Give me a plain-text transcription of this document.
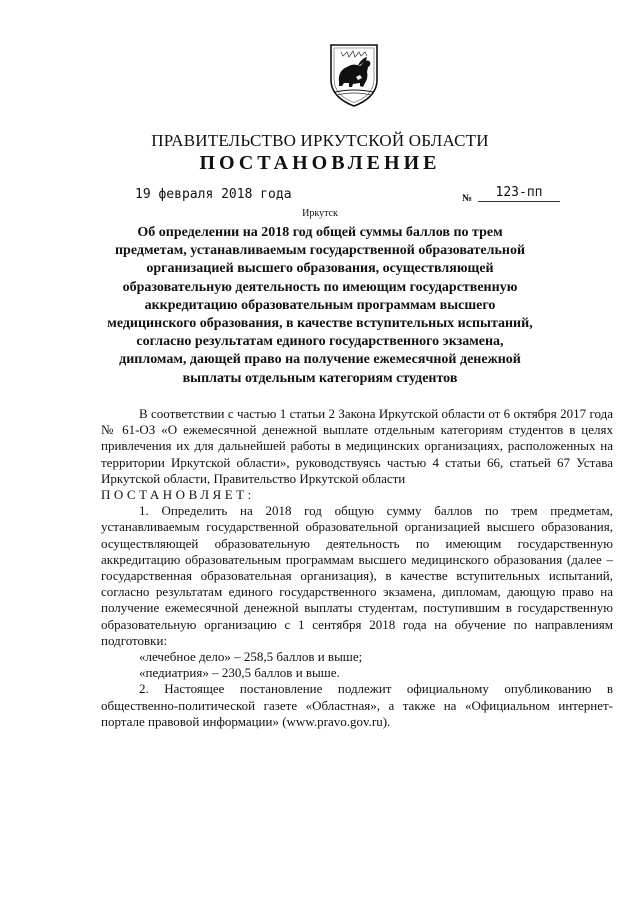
ПРАВИТЕЛЬСТВО ИРКУТСКОЙ ОБЛАСТИ
ПОСТАНОВЛЕНИЕ
19 февраля 2018 года	№	123-пп
Иркутск
Об определении на 2018 год общей суммы баллов по трем предметам, устанавливаемым государственной образовательной организацией высшего образования, осуществляющей образовательную деятельность по имеющим государственную аккредитацию образовательным программам высшего медицинского образования, в качестве вступительных испытаний, согласно результатам единого государственного экзамена, дипломам, дающей право на получение ежемесячной денежной выплаты отдельным категориям студентов

В соответствии с частью 1 статьи 2 Закона Иркутской области от 6 октября 2017 года № 61-ОЗ «О ежемесячной денежной выплате отдельным категориям студентов в целях привлечения их для дальнейшей работы в медицинских организациях, расположенных на территории Иркутской области», руководствуясь частью 4 статьи 66, статьей 67 Устава Иркутской области, Правительство Иркутской области

ПОСТАНОВЛЯЕТ:

1. Определить на 2018 год общую сумму баллов по трем предметам, устанавливаемым государственной образовательной организацией высшего образования, осуществляющей образовательную деятельность по имеющим государственную аккредитацию образовательным программам высшего медицинского образования (далее – государственная образовательная организация), в качестве вступительных испытаний, согласно результатам единого государственного экзамена, дипломам, дающую право на получение ежемесячной денежной выплаты студентам, поступившим в государственную образовательную организацию с 1 сентября 2018 года на обучение по направлениям подготовки:

«лечебное дело» – 258,5 баллов и выше;

«педиатрия» – 230,5 баллов и выше.

2. Настоящее постановление подлежит официальному опубликованию в общественно-политической газете «Областная», а также на «Официальном интернет-портале правовой информации» (www.pravo.gov.ru).
